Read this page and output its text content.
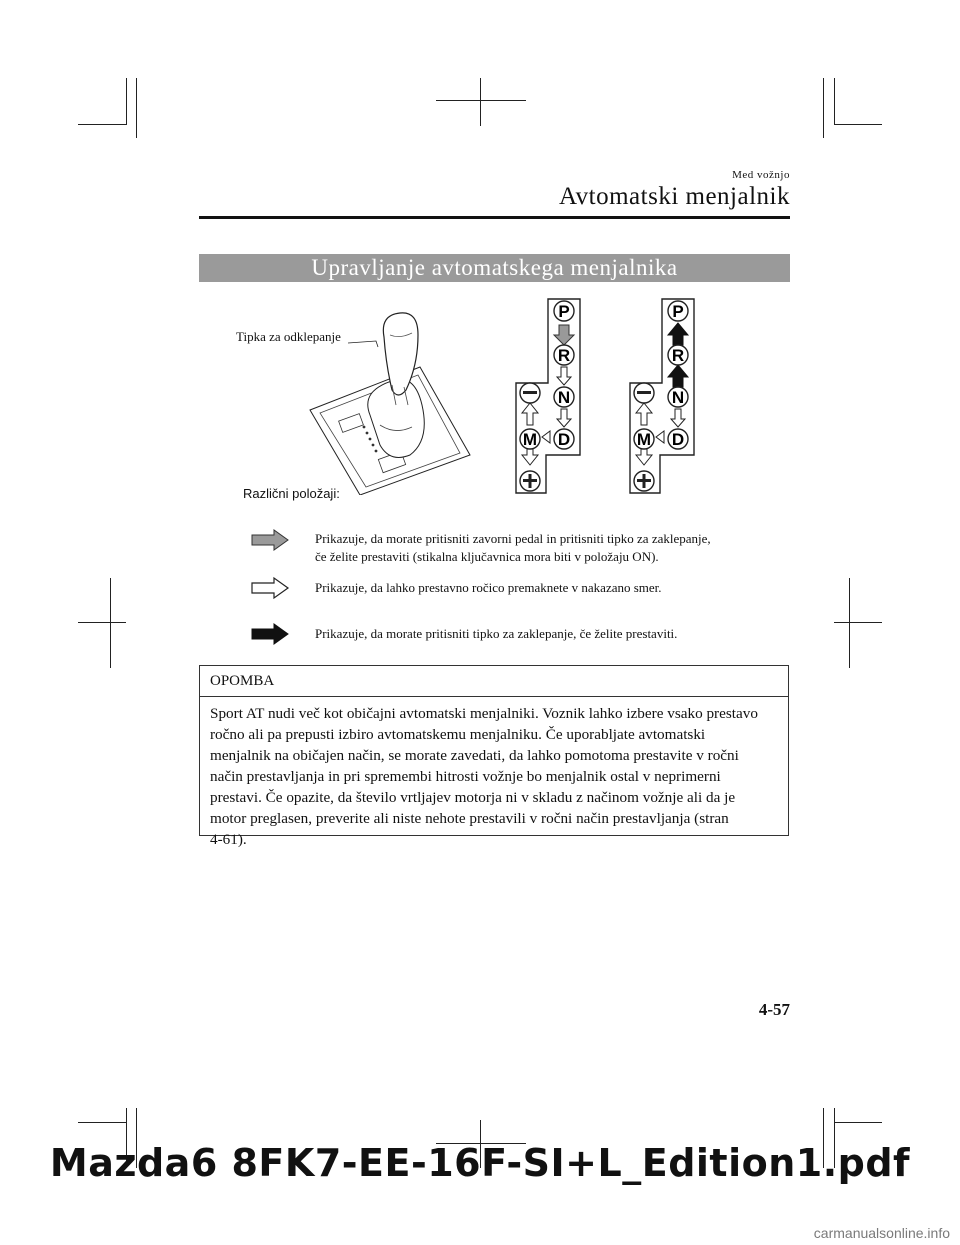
Med vožnjo
Avtomatski menjalnik
Upravljanje avtomatskega menjalnika
Tipka za odklepanje
P
R
N
D
M
P
R
N
D
M
Različni položaji:
Prikazuje, da morate pritisniti zavorni pedal in pritisniti tipko za zaklepanje,
če želite prestaviti (stikalna ključavnica mora biti v položaju ON).
Prikazuje, da lahko prestavno ročico premaknete v nakazano smer.
Prikazuje, da morate pritisniti tipko za zaklepanje, če želite prestaviti.
OPOMBA
Sport AT nudi več kot običajni avtomatski menjalniki. Voznik lahko izbere vsako prestavo
ročno ali pa prepusti izbiro avtomatskemu menjalniku. Če uporabljate avtomatski
menjalnik na običajen način, se morate zavedati, da lahko pomotoma prestavite v ročni
način prestavljanja in pri spremembi hitrosti vožnje bo menjalnik ostal v neprimerni
prestavi. Če opazite, da število vrtljajev motorja ni v skladu z načinom vožnje ali da je
motor preglasen, preverite ali niste nehote prestavili v ročni način prestavljanja (stran
4-61).
4-57
Mazda6 8FK7-EE-16F-SI+L_Edition1.pdf
carmanualsonline.info
